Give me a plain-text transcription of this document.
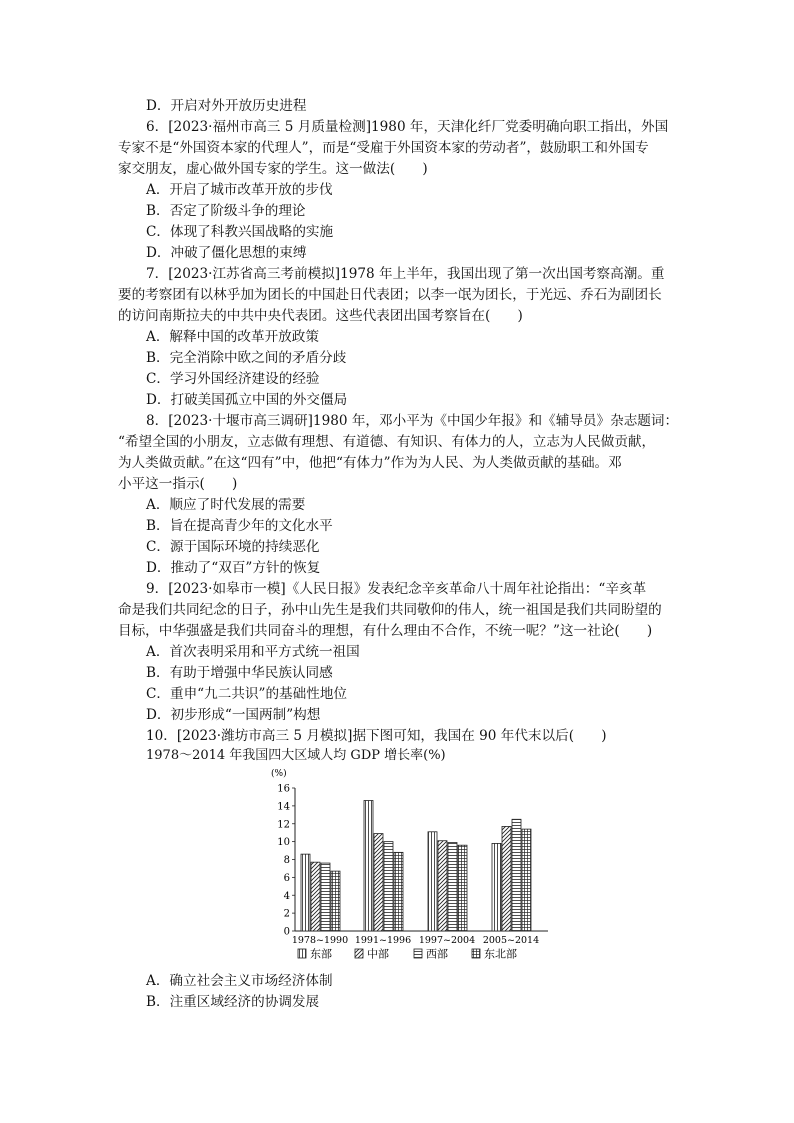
D．开启对外开放历史进程
6．[2023·福州市高三 5 月质量检测]1980 年，天津化纤厂党委明确向职工指出，外国
专家不是“外国资本家的代理人”，而是“受雇于外国资本家的劳动者”，鼓励职工和外国专
家交朋友，虚心做外国专家的学生。这一做法(　　)
A．开启了城市改革开放的步伐
B．否定了阶级斗争的理论
C．体现了科教兴国战略的实施
D．冲破了僵化思想的束缚
7．[2023·江苏省高三考前模拟]1978 年上半年，我国出现了第一次出国考察高潮。重
要的考察团有以林乎加为团长的中国赴日代表团；以李一氓为团长，于光远、乔石为副团长
的访问南斯拉夫的中共中央代表团。这些代表团出国考察旨在(　　)
A．解释中国的改革开放政策
B．完全消除中欧之间的矛盾分歧
C．学习外国经济建设的经验
D．打破美国孤立中国的外交僵局
8．[2023·十堰市高三调研]1980 年，邓小平为《中国少年报》和《辅导员》杂志题词：
“希望全国的小朋友，立志做有理想、有道德、有知识、有体力的人，立志为人民做贡献，
为人类做贡献。”在这“四有”中，他把“有体力”作为为人民、为人类做贡献的基础。邓
小平这一指示(　　)
A．顺应了时代发展的需要
B．旨在提高青少年的文化水平
C．源于国际环境的持续恶化
D．推动了“双百”方针的恢复
9．[2023·如皋市一模]《人民日报》发表纪念辛亥革命八十周年社论指出：“辛亥革
命是我们共同纪念的日子，孙中山先生是我们共同敬仰的伟人，统一祖国是我们共同盼望的
目标，中华强盛是我们共同奋斗的理想，有什么理由不合作，不统一呢？”这一社论(　　)
A．首次表明采用和平方式统一祖国
B．有助于增强中华民族认同感
C．重申“九二共识”的基础性地位
D．初步形成“一国两制”构想
10．[2023·潍坊市高三 5 月模拟]据下图可知，我国在 90 年代末以后(　　)
1978～2014 年我国四大区域人均 GDP 增长率(%)
(%)
0
2
4
6
8
10
12
14
16
1978~1990 1991~1996 1997~2004 2005~2014
东部	中部	西部	东北部
A．确立社会主义市场经济体制
B．注重区域经济的协调发展
